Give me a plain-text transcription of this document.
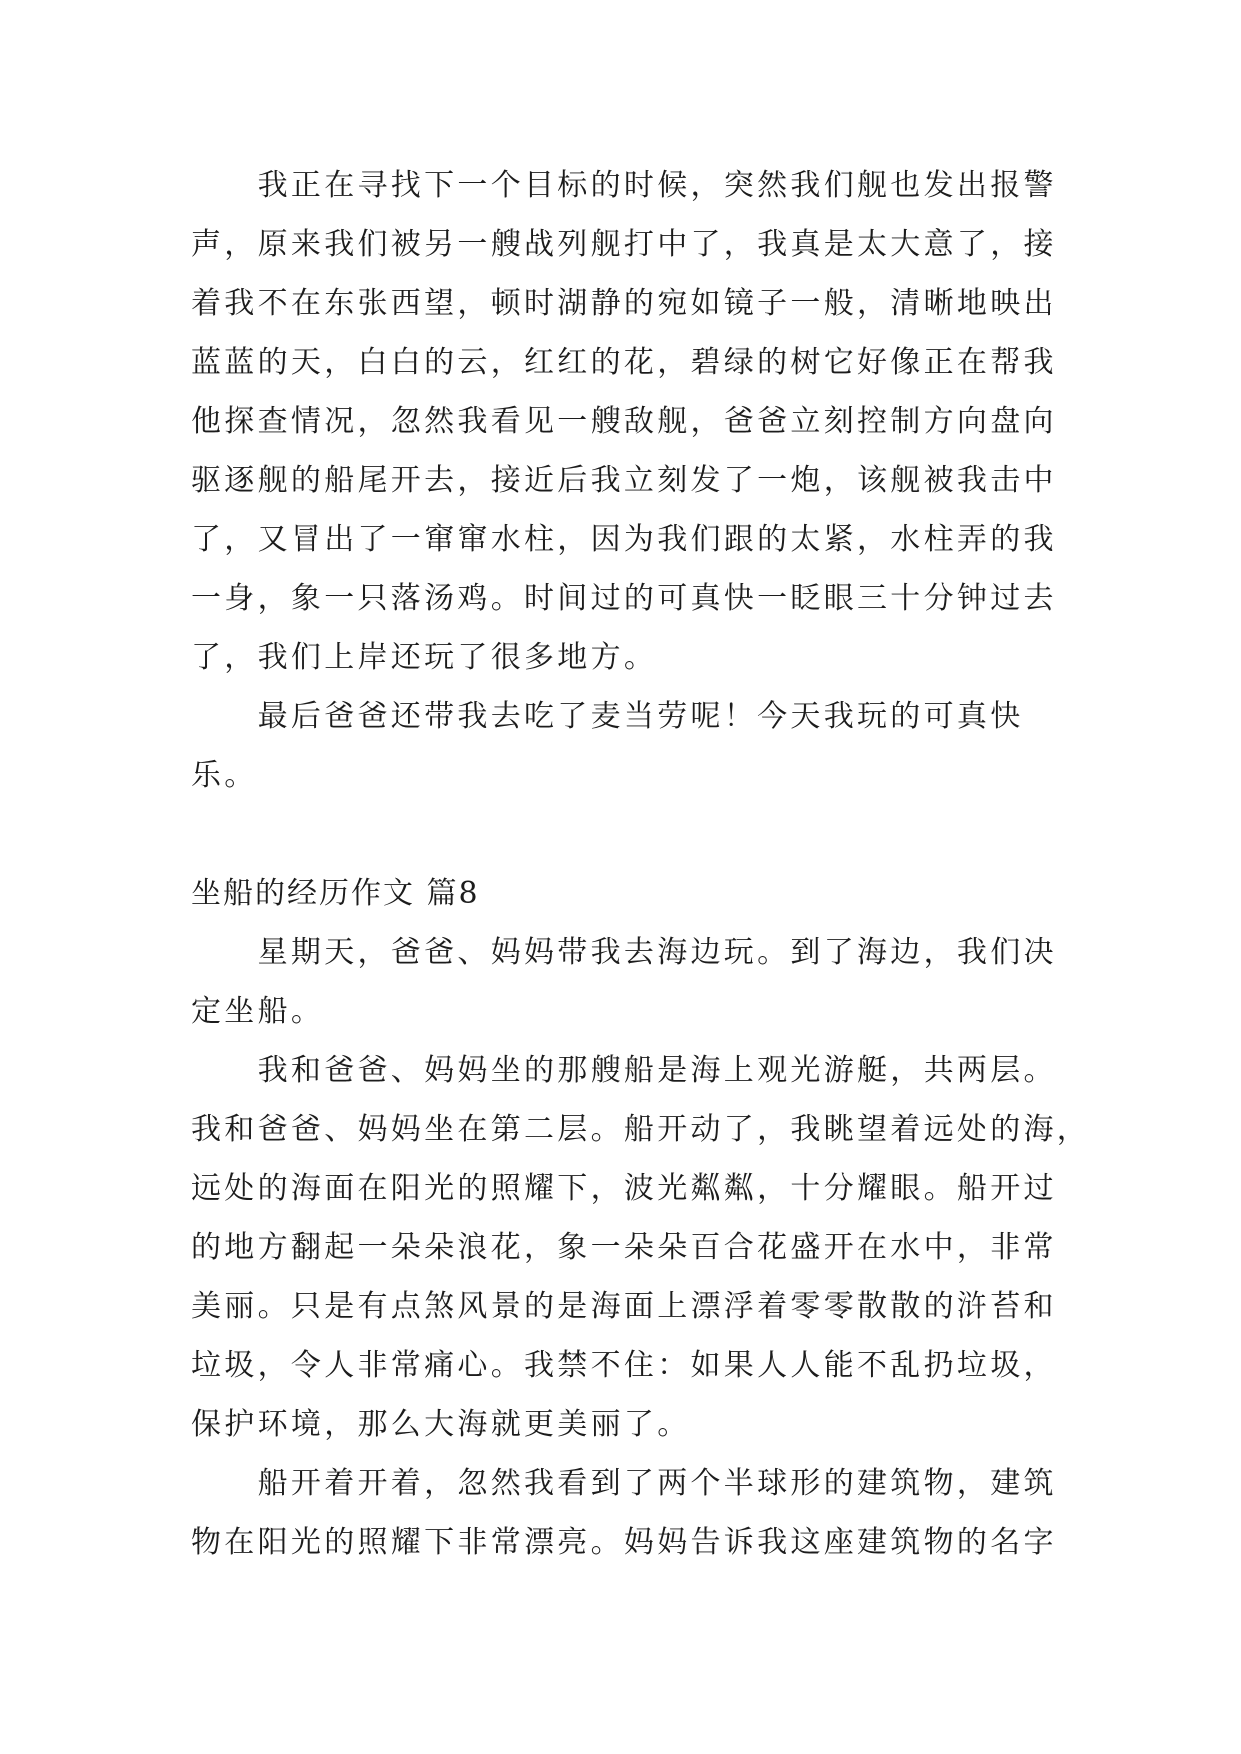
我正在寻找下一个目标的时候，突然我们舰也发出报警
声，原来我们被另一艘战列舰打中了，我真是太大意了，接
着我不在东张西望，顿时湖静的宛如镜子一般，清晰地映出
蓝蓝的天，白白的云，红红的花，碧绿的树它好像正在帮我
他探查情况，忽然我看见一艘敌舰，爸爸立刻控制方向盘向
驱逐舰的船尾开去，接近后我立刻发了一炮，该舰被我击中
了，又冒出了一窜窜水柱，因为我们跟的太紧，水柱弄的我
一身，象一只落汤鸡。时间过的可真快一眨眼三十分钟过去
了，我们上岸还玩了很多地方。
最后爸爸还带我去吃了麦当劳呢！今天我玩的可真快
乐。
坐船的经历作文 篇8
星期天，爸爸、妈妈带我去海边玩。到了海边，我们决
定坐船。
我和爸爸、妈妈坐的那艘船是海上观光游艇，共两层。
我和爸爸、妈妈坐在第二层。船开动了，我眺望着远处的海，
远处的海面在阳光的照耀下，波光粼粼，十分耀眼。船开过
的地方翻起一朵朵浪花，象一朵朵百合花盛开在水中，非常
美丽。只是有点煞风景的是海面上漂浮着零零散散的浒苔和
垃圾，令人非常痛心。我禁不住：如果人人能不乱扔垃圾，
保护环境，那么大海就更美丽了。
船开着开着，忽然我看到了两个半球形的建筑物，建筑
物在阳光的照耀下非常漂亮。妈妈告诉我这座建筑物的名字
